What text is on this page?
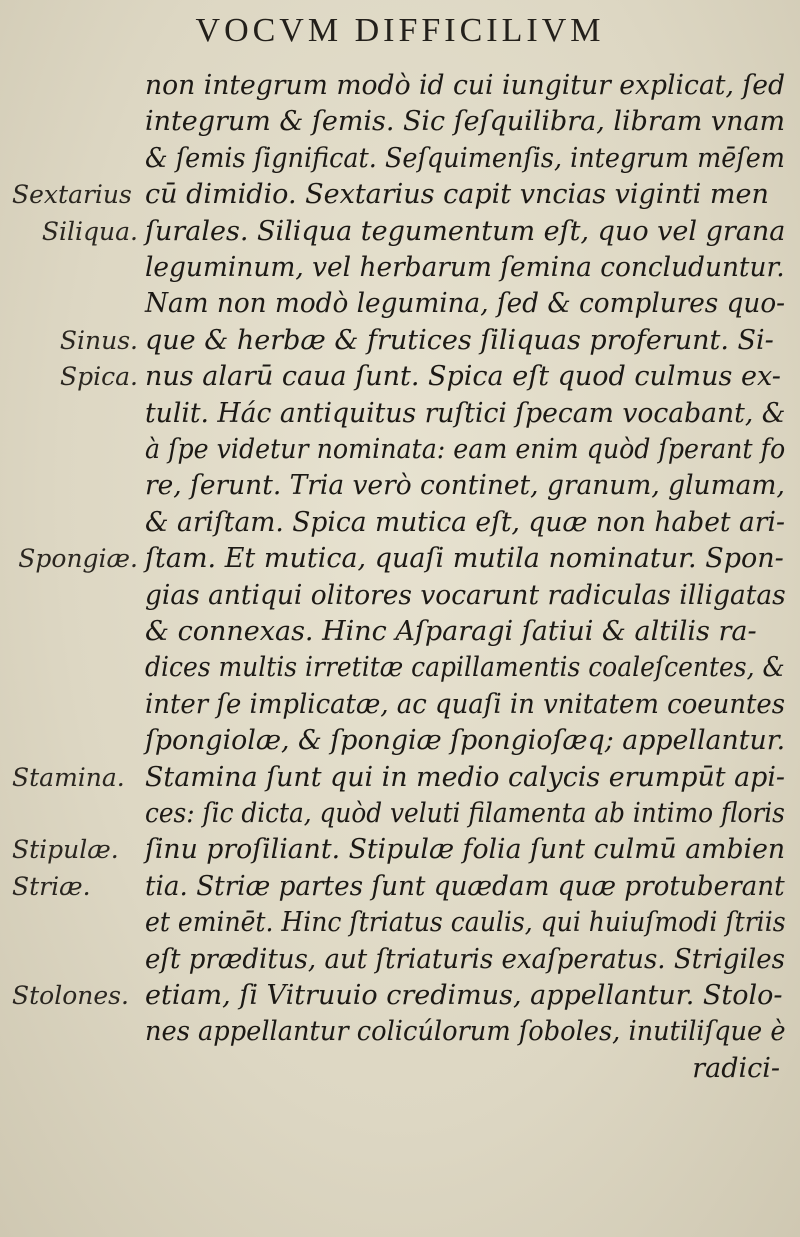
VOCVM DIFFICILIVM
non integrum modò id cui iungitur explicat, ſed
integrum & ſemis. Sic ſeſquilibra, libram vnam
& ſemis ſignificat. Seſquimenſis, integrum mēſem
cū dimidio. Sextarius capit vncias viginti men
ſurales. Siliqua tegumentum eſt, quo vel grana
leguminum, vel herbarum ſemina concluduntur.
Nam non modò legumina, ſed & complures quo-
que & herbæ & frutices ſiliquas proferunt. Si-
nus alarū caua ſunt. Spica eſt quod culmus ex-
tulit. Hác antiquitus ruſtici ſpecam vocabant, &
à ſpe videtur nominata: eam enim quòd ſperant fo
re, ſerunt. Tria verò continet, granum, glumam,
& ariſtam. Spica mutica eſt, quæ non habet ari-
ſtam. Et mutica, quaſi mutila nominatur. Spon-
gias antiqui olitores vocarunt radiculas illigatas
& connexas. Hinc Aſparagi ſatiui & altilis ra-
dices multis irretitæ capillamentis coaleſcentes, &
inter ſe implicatæ, ac quaſi in vnitatem coeuntes
ſpongiolæ, & ſpongiæ ſpongioſæq; appellantur.
Stamina ſunt qui in medio calycis erumpūt api-
ces: ſic dicta, quòd veluti filamenta ab intimo floris
ſinu proſiliant. Stipulæ folia ſunt culmū ambien
tia. Striæ partes ſunt quædam quæ protuberant
et eminēt. Hinc ſtriatus caulis, qui huiuſmodi ſtriis
eſt præditus, aut ſtriaturis exaſperatus. Strigiles
etiam, ſi Vitruuio credimus, appellantur. Stolo-
nes appellantur colicúlorum ſoboles, inutiliſque è
Sextarius
Siliqua.
Sinus.
Spica.
Spongiæ.
Stamina.
Stipulæ.
Striæ.
Stolones.
radici-
